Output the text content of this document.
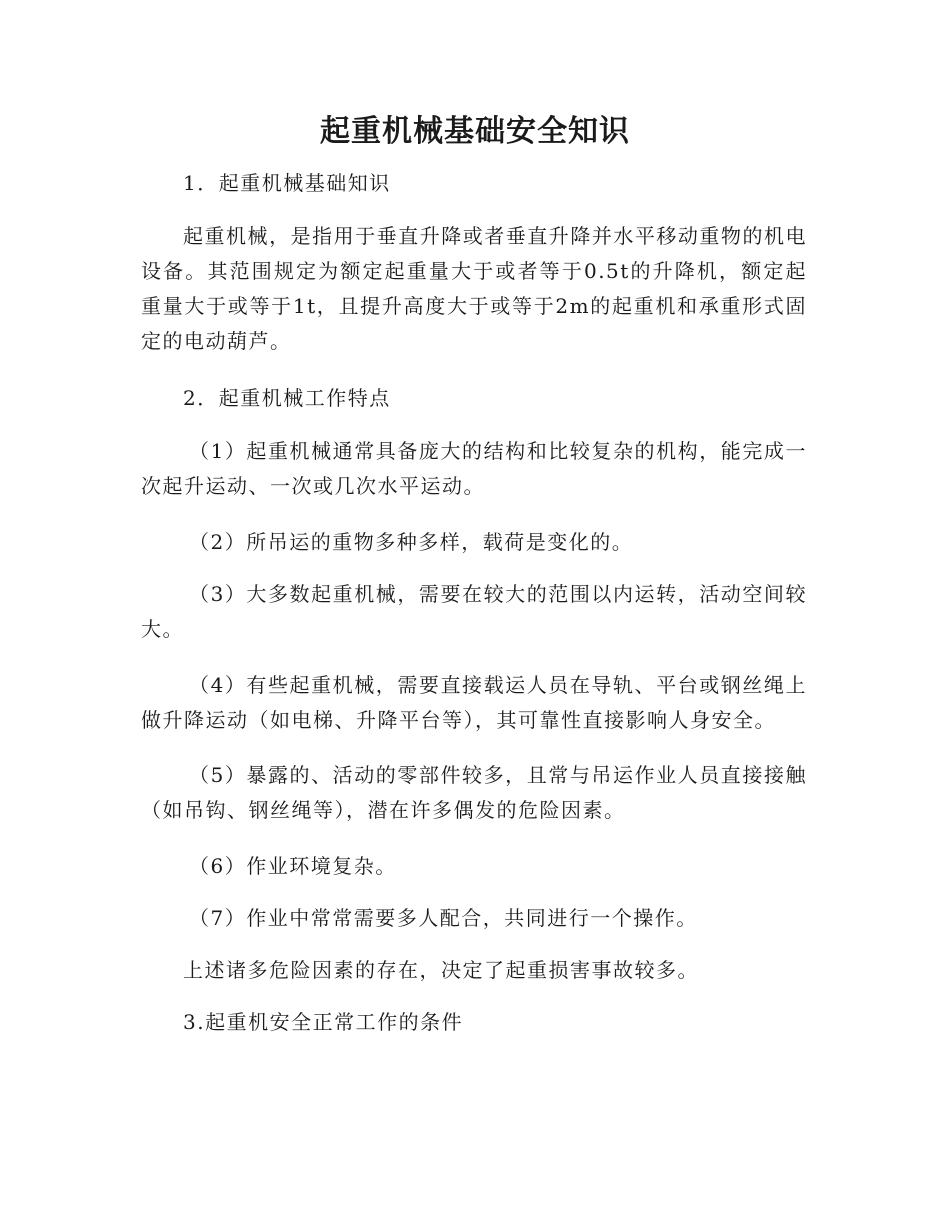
起重机械基础安全知识
1．起重机械基础知识
起重机械，是指用于垂直升降或者垂直升降并水平移动重物的机电设备。其范围规定为额定起重量大于或者等于0.5t的升降机，额定起重量大于或等于1t，且提升高度大于或等于2m的起重机和承重形式固定的电动葫芦。
2．起重机械工作特点
（1）起重机械通常具备庞大的结构和比较复杂的机构，能完成一次起升运动、一次或几次水平运动。
（2）所吊运的重物多种多样，载荷是变化的。
（3）大多数起重机械，需要在较大的范围以内运转，活动空间较大。
（4）有些起重机械，需要直接载运人员在导轨、平台或钢丝绳上做升降运动（如电梯、升降平台等），其可靠性直接影响人身安全。
（5）暴露的、活动的零部件较多，且常与吊运作业人员直接接触（如吊钩、钢丝绳等），潜在许多偶发的危险因素。
（6）作业环境复杂。
（7）作业中常常需要多人配合，共同进行一个操作。
上述诸多危险因素的存在，决定了起重损害事故较多。
3.起重机安全正常工作的条件
